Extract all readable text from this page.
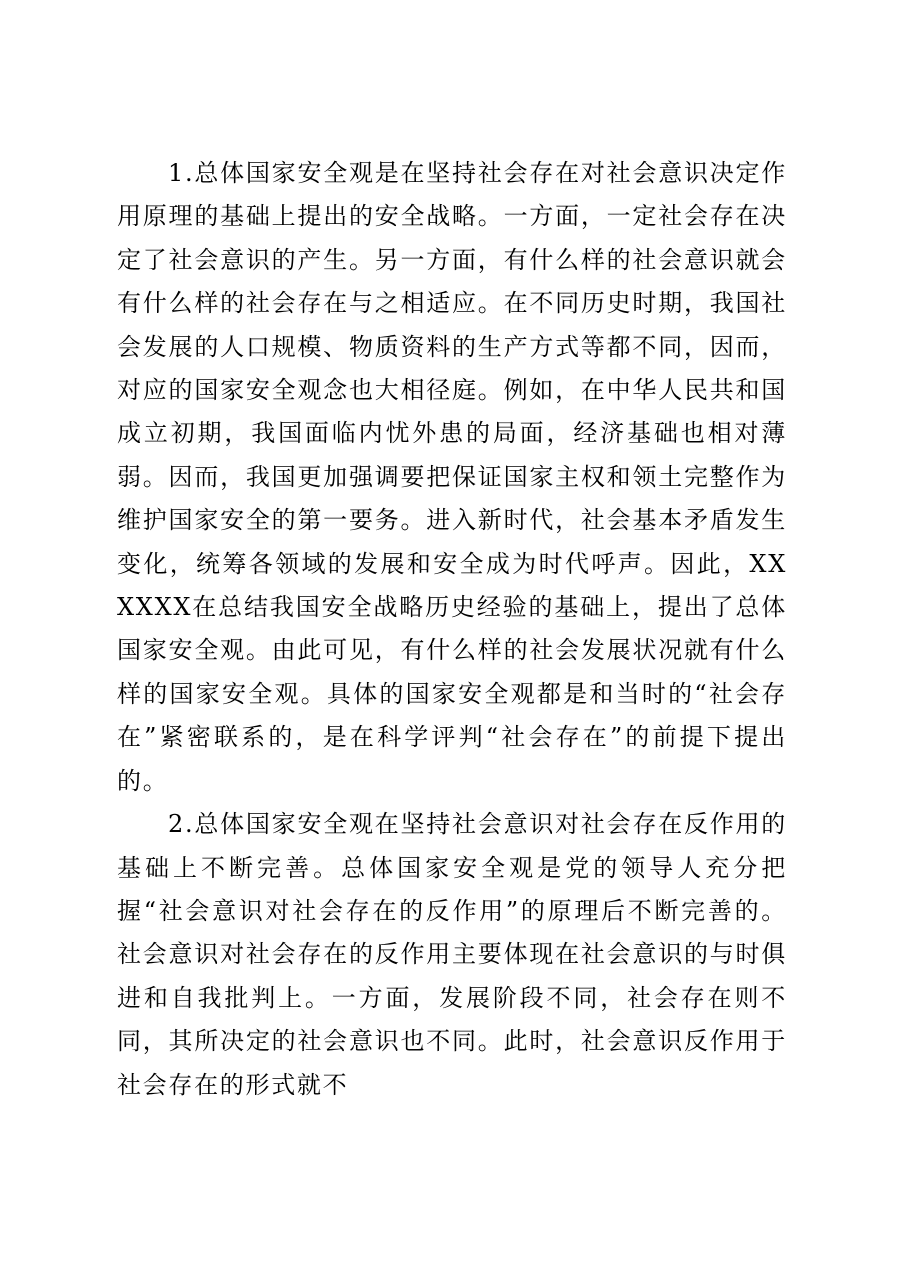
1.总体国家安全观是在坚持社会存在对社会意识决定作用原理的基础上提出的安全战略。一方面，一定社会存在决定了社会意识的产生。另一方面，有什么样的社会意识就会有什么样的社会存在与之相适应。在不同历史时期，我国社会发展的人口规模、物质资料的生产方式等都不同，因而，对应的国家安全观念也大相径庭。例如，在中华人民共和国成立初期，我国面临内忧外患的局面，经济基础也相对薄弱。因而，我国更加强调要把保证国家主权和领土完整作为维护国家安全的第一要务。进入新时代，社会基本矛盾发生变化，统筹各领域的发展和安全成为时代呼声。因此，XXXXXX在总结我国安全战略历史经验的基础上，提出了总体国家安全观。由此可见，有什么样的社会发展状况就有什么样的国家安全观。具体的国家安全观都是和当时的“社会存在”紧密联系的，是在科学评判“社会存在”的前提下提出的。

2.总体国家安全观在坚持社会意识对社会存在反作用的基础上不断完善。总体国家安全观是党的领导人充分把握“社会意识对社会存在的反作用”的原理后不断完善的。社会意识对社会存在的反作用主要体现在社会意识的与时俱进和自我批判上。一方面，发展阶段不同，社会存在则不同，其所决定的社会意识也不同。此时，社会意识反作用于社会存在的形式就不
